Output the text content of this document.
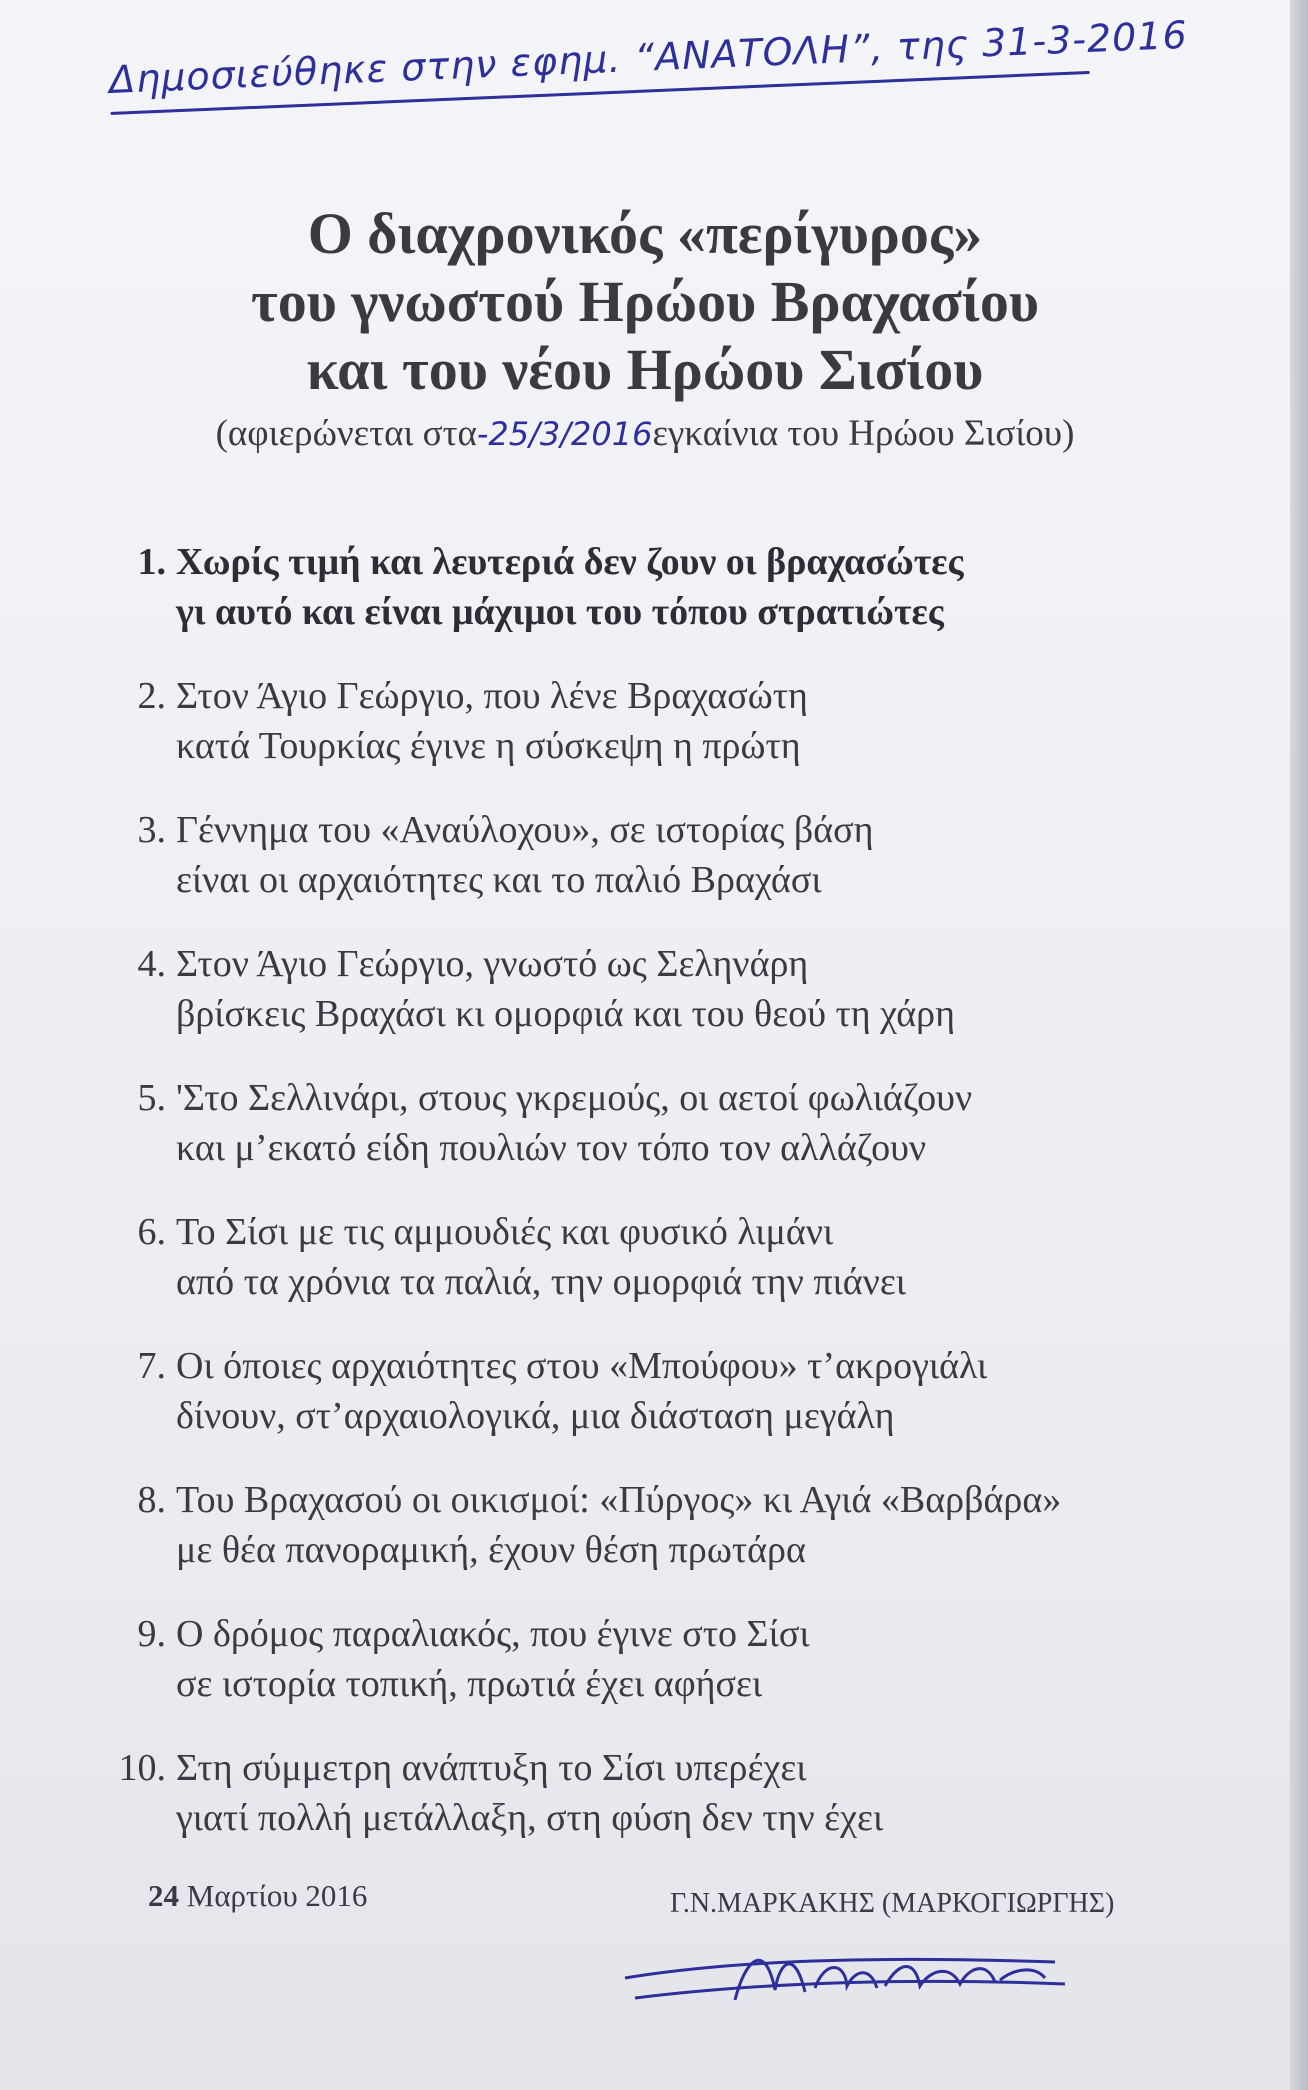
Δημοσιεύθηκε στην εφημ. “ΑΝΑΤΟΛΗ”, της 31-3-2016
Ο διαχρονικός «περίγυρος»
του γνωστού Ηρώου Βραχασίου
και του νέου Ηρώου Σισίου
(αφιερώνεται στα-25/3/2016εγκαίνια του Ηρώου Σισίου)
1. Χωρίς τιμή και λευτεριά δεν ζουν οι βραχασώτες
γι αυτό και είναι μάχιμοι του τόπου στρατιώτες
2. Στον Άγιο Γεώργιο, που λένε Βραχασώτη
κατά Τουρκίας έγινε η σύσκεψη η πρώτη
3. Γέννημα του «Αναύλοχου», σε ιστορίας βάση
είναι οι αρχαιότητες και το παλιό Βραχάσι
4. Στον Άγιο Γεώργιο, γνωστό ως Σεληνάρη
βρίσκεις Βραχάσι κι ομορφιά και του θεού τη χάρη
5. 'Στο Σελλινάρι, στους γκρεμούς, οι αετοί φωλιάζουν
και μ’εκατό είδη πουλιών τον τόπο τον αλλάζουν
6. Το Σίσι με τις αμμουδιές και φυσικό λιμάνι
από τα χρόνια τα παλιά, την ομορφιά την πιάνει
7. Οι όποιες αρχαιότητες στου «Μπούφου» τ’ακρογιάλι
δίνουν, στ’αρχαιολογικά, μια διάσταση μεγάλη
8. Του Βραχασού οι οικισμοί: «Πύργος» κι Αγιά «Βαρβάρα»
με θέα πανοραμική, έχουν θέση πρωτάρα
9. Ο δρόμος παραλιακός, που έγινε στο Σίσι
σε ιστορία τοπική, πρωτιά έχει αφήσει
10. Στη σύμμετρη ανάπτυξη το Σίσι υπερέχει
γιατί πολλή μετάλλαξη, στη φύση δεν την έχει
24 Μαρτίου 2016	Γ.Ν.ΜΑΡΚΑΚΗΣ (ΜΑΡΚΟΓΙΩΡΓΗΣ)
